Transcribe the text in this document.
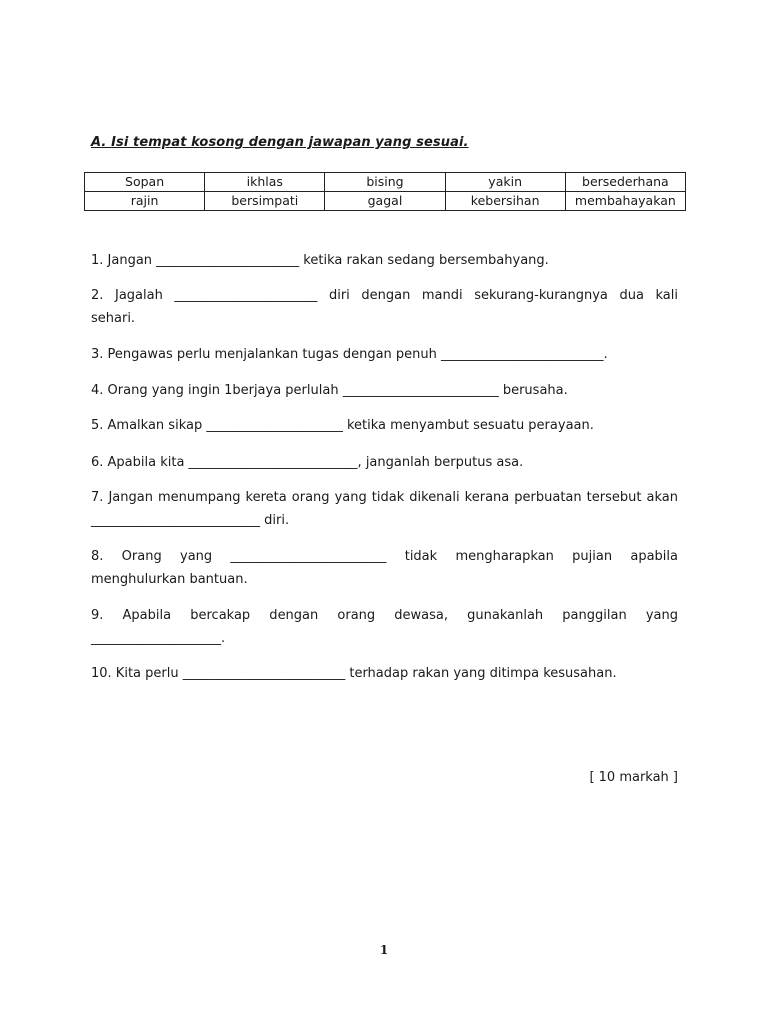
A. Isi tempat kosong dengan jawapan yang sesuai.
Sopan	ikhlas	bising	yakin	bersederhana
rajin	bersimpati	gagal	kebersihan	membahayakan

1. Jangan ______________________ ketika rakan sedang bersembahyang.

2. Jagalah ______________________ diri dengan mandi sekurang-kurangnya dua kali
sehari.

3. Pengawas perlu menjalankan tugas dengan penuh _________________________.

4. Orang yang ingin 1berjaya perlulah ________________________ berusaha.

5. Amalkan sikap _____________________ ketika menyambut sesuatu perayaan.

6. Apabila kita __________________________, janganlah berputus asa.

7. Jangan menumpang kereta orang yang tidak dikenali kerana perbuatan tersebut akan
__________________________ diri.

8. Orang yang ________________________ tidak mengharapkan pujian apabila
menghulurkan bantuan.

9. Apabila bercakap dengan orang dewasa, gunakanlah panggilan yang
____________________.

10. Kita perlu _________________________ terhadap rakan yang ditimpa kesusahan.

[ 10 markah ]
1
